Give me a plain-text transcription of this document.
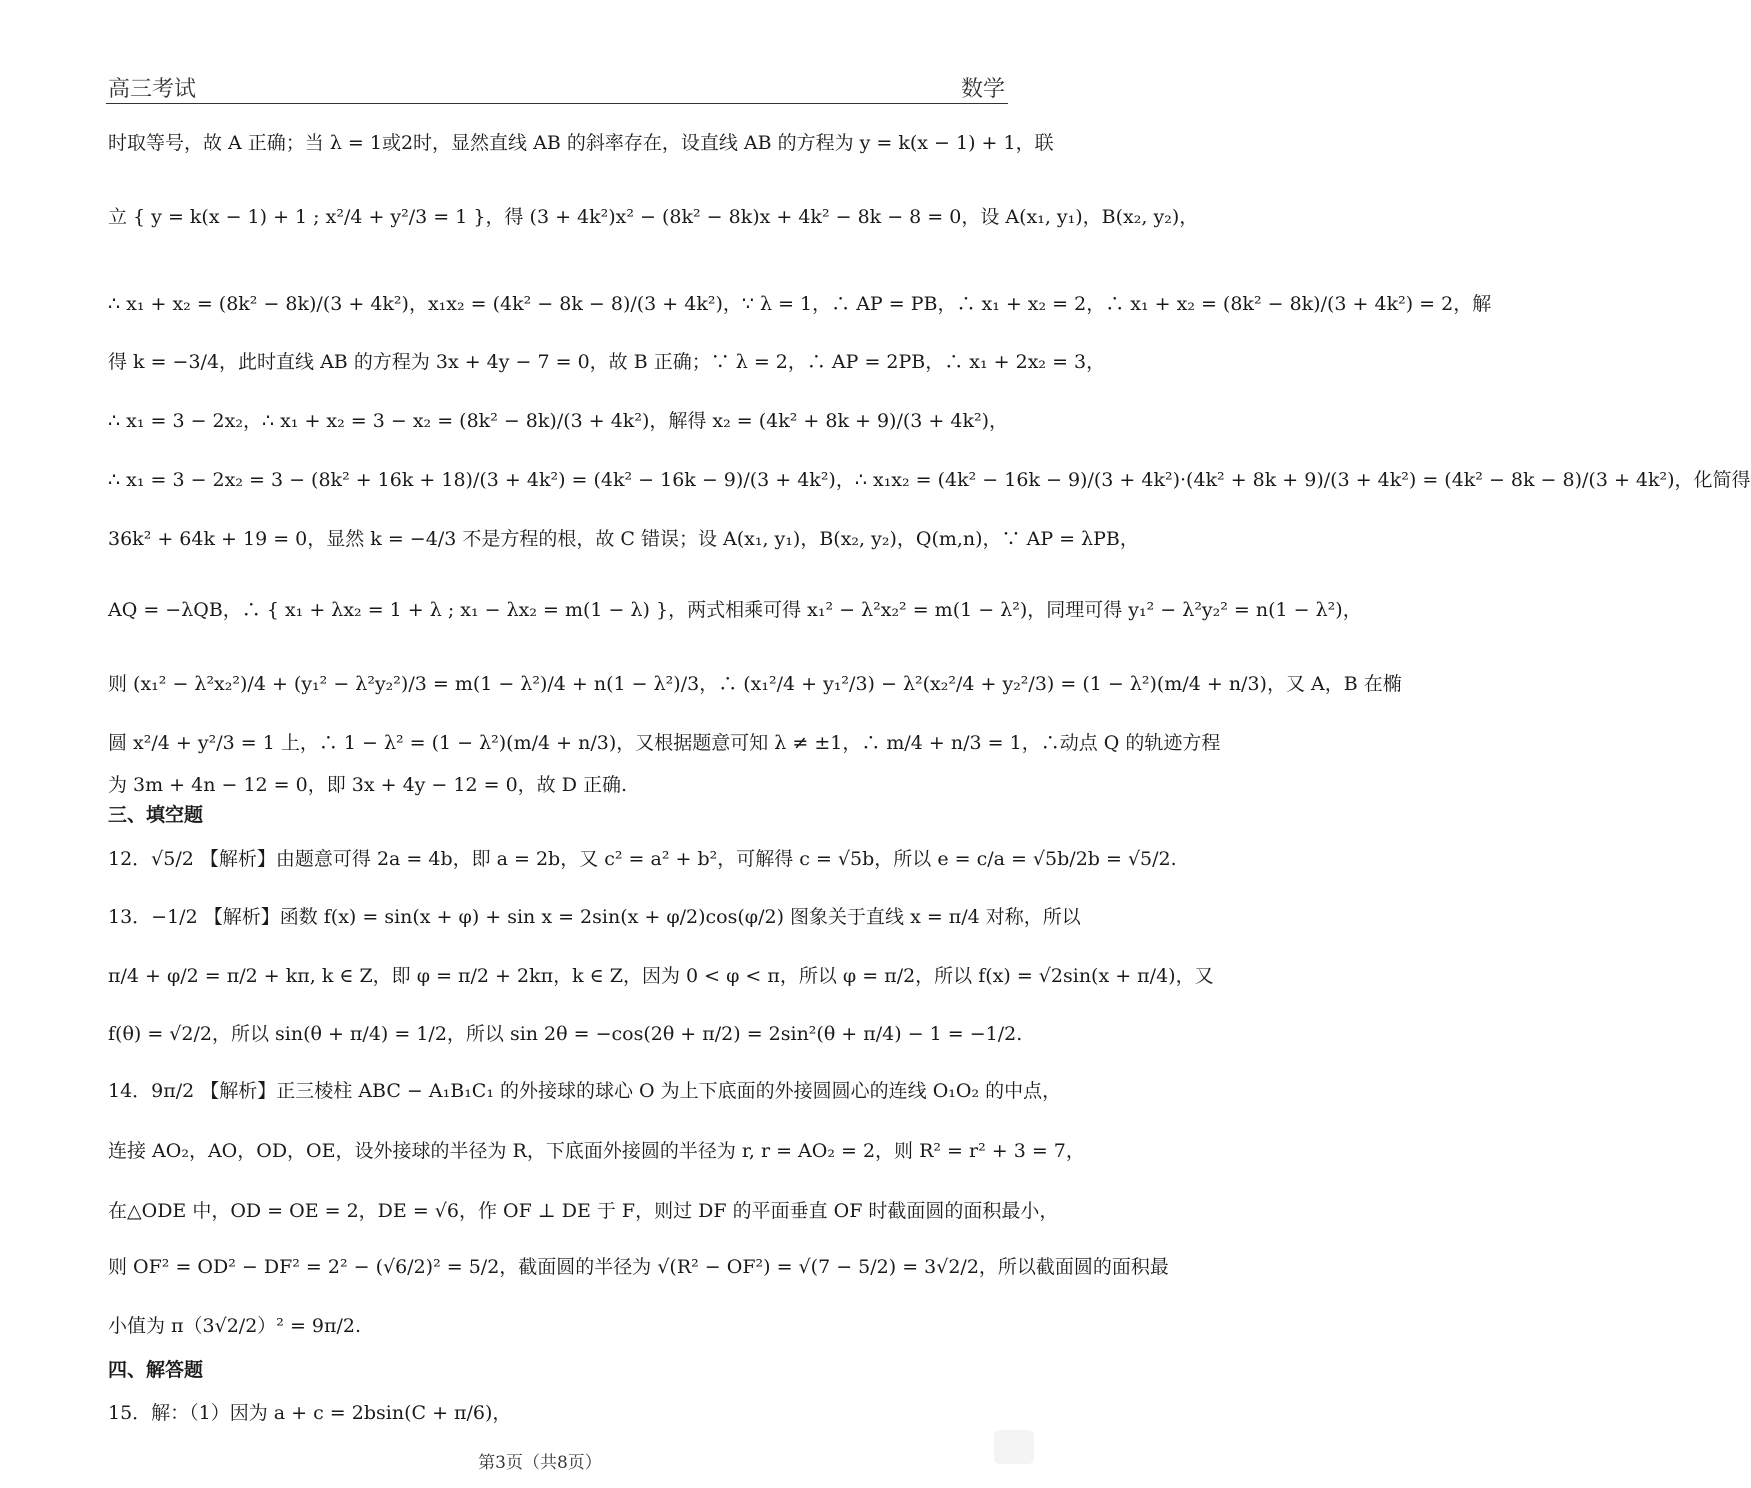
高三考试	数学
时取等号，故 A 正确；当 λ = 1或2时，显然直线 AB 的斜率存在，设直线 AB 的方程为 y = k(x − 1) + 1，联
立 { y = k(x − 1) + 1 ; x²/4 + y²/3 = 1 }，得 (3 + 4k²)x² − (8k² − 8k)x + 4k² − 8k − 8 = 0，设 A(x₁, y₁)，B(x₂, y₂)，
∴ x₁ + x₂ = (8k² − 8k)/(3 + 4k²)，x₁x₂ = (4k² − 8k − 8)/(3 + 4k²)，∵ λ = 1，∴ AP = PB，∴ x₁ + x₂ = 2，∴ x₁ + x₂ = (8k² − 8k)/(3 + 4k²) = 2，解
得 k = −3/4，此时直线 AB 的方程为 3x + 4y − 7 = 0，故 B 正确；∵ λ = 2，∴ AP = 2PB，∴ x₁ + 2x₂ = 3，
∴ x₁ = 3 − 2x₂，∴ x₁ + x₂ = 3 − x₂ = (8k² − 8k)/(3 + 4k²)，解得 x₂ = (4k² + 8k + 9)/(3 + 4k²)，
∴ x₁ = 3 − 2x₂ = 3 − (8k² + 16k + 18)/(3 + 4k²) = (4k² − 16k − 9)/(3 + 4k²)，∴ x₁x₂ = (4k² − 16k − 9)/(3 + 4k²)·(4k² + 8k + 9)/(3 + 4k²) = (4k² − 8k − 8)/(3 + 4k²)，化简得
36k² + 64k + 19 = 0，显然 k = −4/3 不是方程的根，故 C 错误；设 A(x₁, y₁)，B(x₂, y₂)，Q(m,n)，∵ AP = λPB，
AQ = −λQB，∴ { x₁ + λx₂ = 1 + λ ; x₁ − λx₂ = m(1 − λ) }，两式相乘可得 x₁² − λ²x₂² = m(1 − λ²)，同理可得 y₁² − λ²y₂² = n(1 − λ²)，
则 (x₁² − λ²x₂²)/4 + (y₁² − λ²y₂²)/3 = m(1 − λ²)/4 + n(1 − λ²)/3，∴ (x₁²/4 + y₁²/3) − λ²(x₂²/4 + y₂²/3) = (1 − λ²)(m/4 + n/3)，又 A，B 在椭
圆 x²/4 + y²/3 = 1 上，∴ 1 − λ² = (1 − λ²)(m/4 + n/3)，又根据题意可知 λ ≠ ±1，∴ m/4 + n/3 = 1，∴动点 Q 的轨迹方程
为 3m + 4n − 12 = 0，即 3x + 4y − 12 = 0，故 D 正确.
三、填空题
12．√5/2 【解析】由题意可得 2a = 4b，即 a = 2b，又 c² = a² + b²，可解得 c = √5b，所以 e = c/a = √5b/2b = √5/2.
13．−1/2 【解析】函数 f(x) = sin(x + φ) + sin x = 2sin(x + φ/2)cos(φ/2) 图象关于直线 x = π/4 对称，所以
π/4 + φ/2 = π/2 + kπ, k ∈ Z，即 φ = π/2 + 2kπ，k ∈ Z，因为 0 < φ < π，所以 φ = π/2，所以 f(x) = √2sin(x + π/4)，又
f(θ) = √2/2，所以 sin(θ + π/4) = 1/2，所以 sin 2θ = −cos(2θ + π/2) = 2sin²(θ + π/4) − 1 = −1/2.
14．9π/2 【解析】正三棱柱 ABC − A₁B₁C₁ 的外接球的球心 O 为上下底面的外接圆圆心的连线 O₁O₂ 的中点，
连接 AO₂，AO，OD，OE，设外接球的半径为 R，下底面外接圆的半径为 r, r = AO₂ = 2，则 R² = r² + 3 = 7，
在△ODE 中，OD = OE = 2，DE = √6，作 OF ⊥ DE 于 F，则过 DF 的平面垂直 OF 时截面圆的面积最小，
则 OF² = OD² − DF² = 2² − (√6/2)² = 5/2，截面圆的半径为 √(R² − OF²) = √(7 − 5/2) = 3√2/2，所以截面圆的面积最
小值为 π（3√2/2）² = 9π/2.
四、解答题
15．解：（1）因为 a + c = 2bsin(C + π/6)，
第3页（共8页）
